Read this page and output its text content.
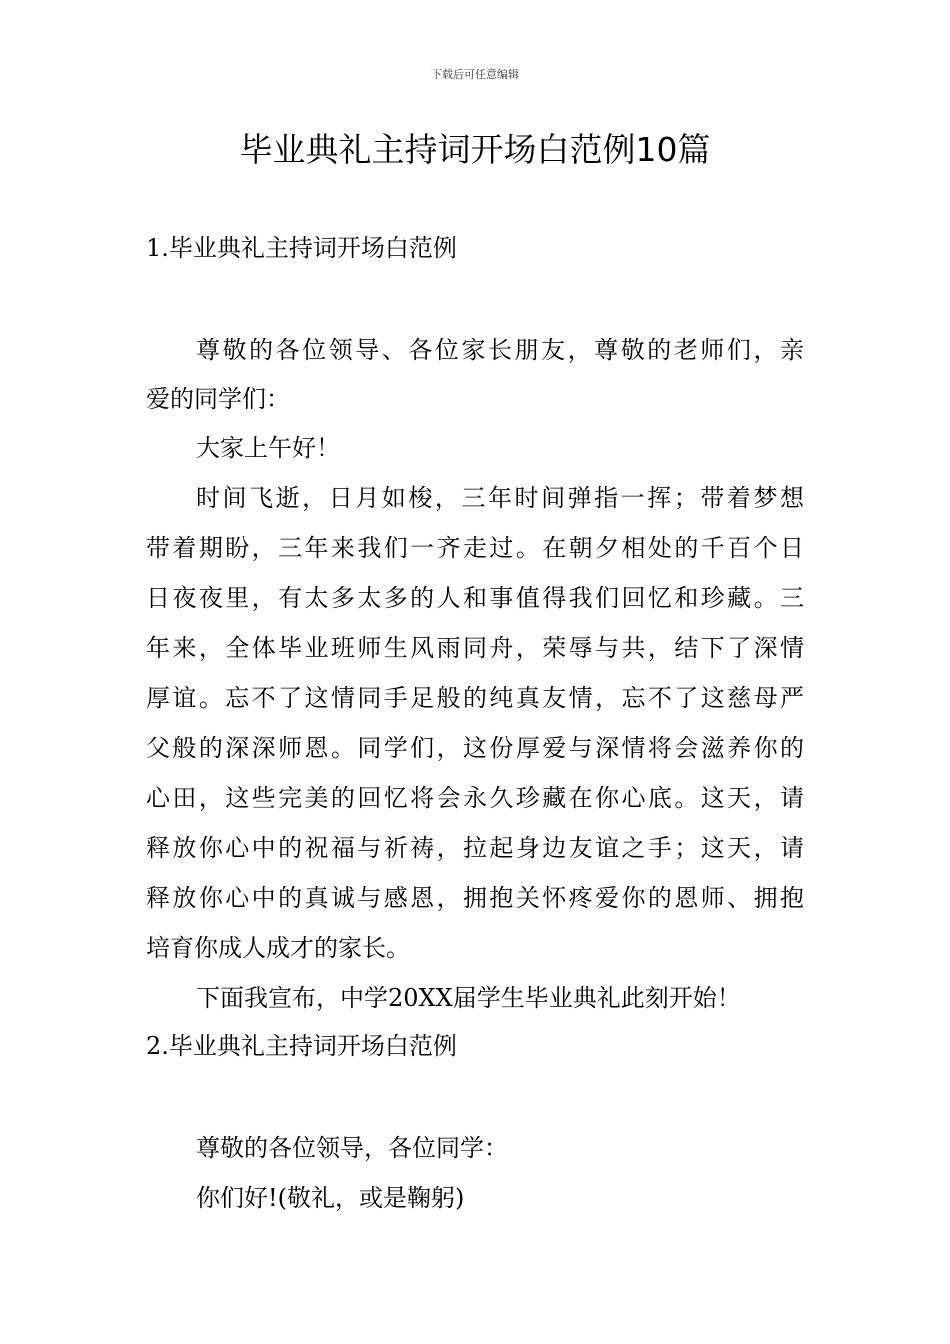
下载后可任意编辑
毕业典礼主持词开场白范例10篇

1.毕业典礼主持词开场白范例

尊敬的各位领导、各位家长朋友，尊敬的老师们，亲

爱的同学们：

大家上午好！

时间飞逝，日月如梭，三年时间弹指一挥；带着梦想

带着期盼，三年来我们一齐走过。在朝夕相处的千百个日

日夜夜里，有太多太多的人和事值得我们回忆和珍藏。三

年来，全体毕业班师生风雨同舟，荣辱与共，结下了深情

厚谊。忘不了这情同手足般的纯真友情，忘不了这慈母严

父般的深深师恩。同学们，这份厚爱与深情将会滋养你的

心田，这些完美的回忆将会永久珍藏在你心底。这天，请

释放你心中的祝福与祈祷，拉起身边友谊之手；这天，请

释放你心中的真诚与感恩，拥抱关怀疼爱你的恩师、拥抱

培育你成人成才的家长。

下面我宣布，中学20XX届学生毕业典礼此刻开始！

2.毕业典礼主持词开场白范例

尊敬的各位领导，各位同学：

你们好!(敬礼，或是鞠躬)
